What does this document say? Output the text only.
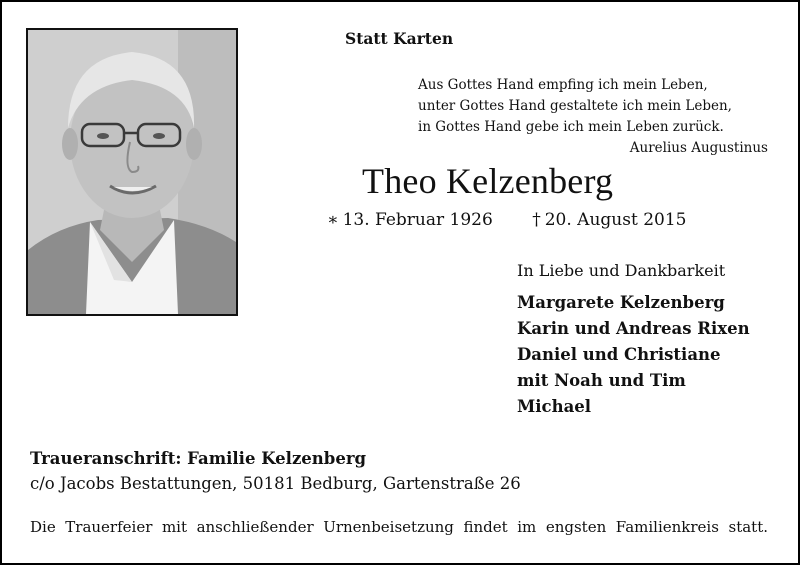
Statt Karten
Aus Gottes Hand empfing ich mein Leben,
unter Gottes Hand gestaltete ich mein Leben,
in Gottes Hand gebe ich mein Leben zurück.
Aurelius Augustinus
Theo Kelzenberg
∗ 13. Februar 1926 † 20. August 2015
In Liebe und Dankbarkeit
Margarete Kelzenberg
Karin und Andreas Rixen
Daniel und Christiane
mit Noah und Tim
Michael
Traueranschrift: Familie Kelzenberg
c/o Jacobs Bestattungen, 50181 Bedburg, Gartenstraße 26
Die Trauerfeier mit anschließender Urnenbeisetzung findet im engsten Familienkreis statt.
